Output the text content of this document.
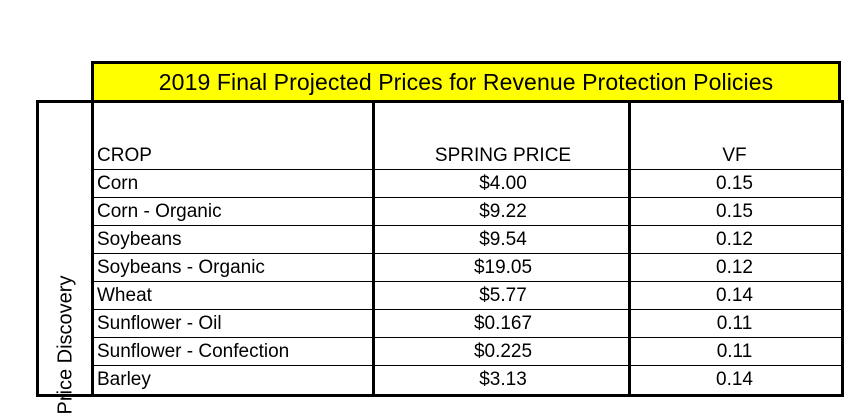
2019 Final Projected Prices for Revenue Protection Policies
Price Discovery
CROP	SPRING PRICE	VF
Corn	$4.00	0.15
Corn - Organic	$9.22	0.15
Soybeans	$9.54	0.12
Soybeans - Organic	$19.05	0.12
Wheat	$5.77	0.14
Sunflower - Oil	$0.167	0.11
Sunflower - Confection	$0.225	0.11
Barley	$3.13	0.14
